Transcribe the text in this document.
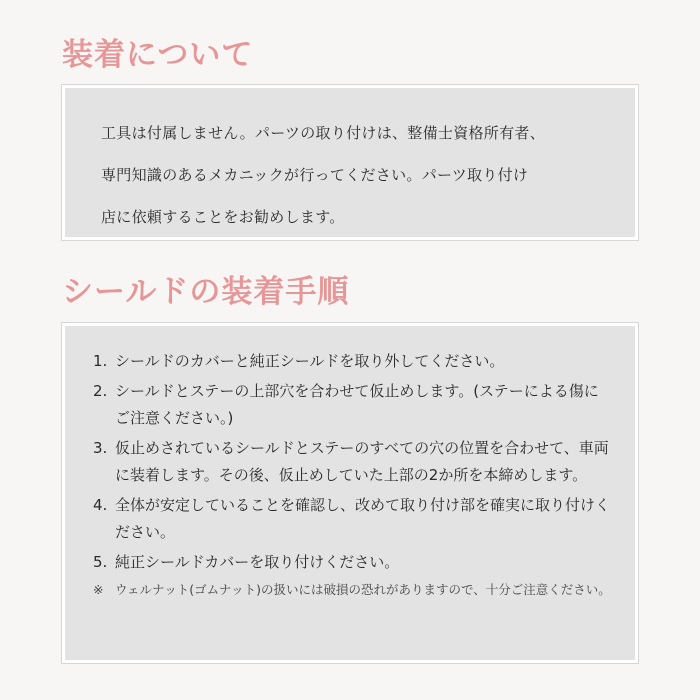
装着について
工具は付属しません。パーツの取り付けは、整備士資格所有者、
専門知識のあるメカニックが行ってください。パーツ取り付け
店に依頼することをお勧めします。
シールドの装着手順
1. シールドのカバーと純正シールドを取り外してください。
2. シールドとステーの上部穴を合わせて仮止めします。(ステーによる傷にご注意ください。)
3. 仮止めされているシールドとステーのすべての穴の位置を合わせて、車両に装着します。その後、仮止めしていた上部の2か所を本締めします。
4. 全体が安定していることを確認し、改めて取り付け部を確実に取り付けください。
5. 純正シールドカバーを取り付けください。
※ ウェルナット(ゴムナット)の扱いには破損の恐れがありますので、十分ご注意ください。
